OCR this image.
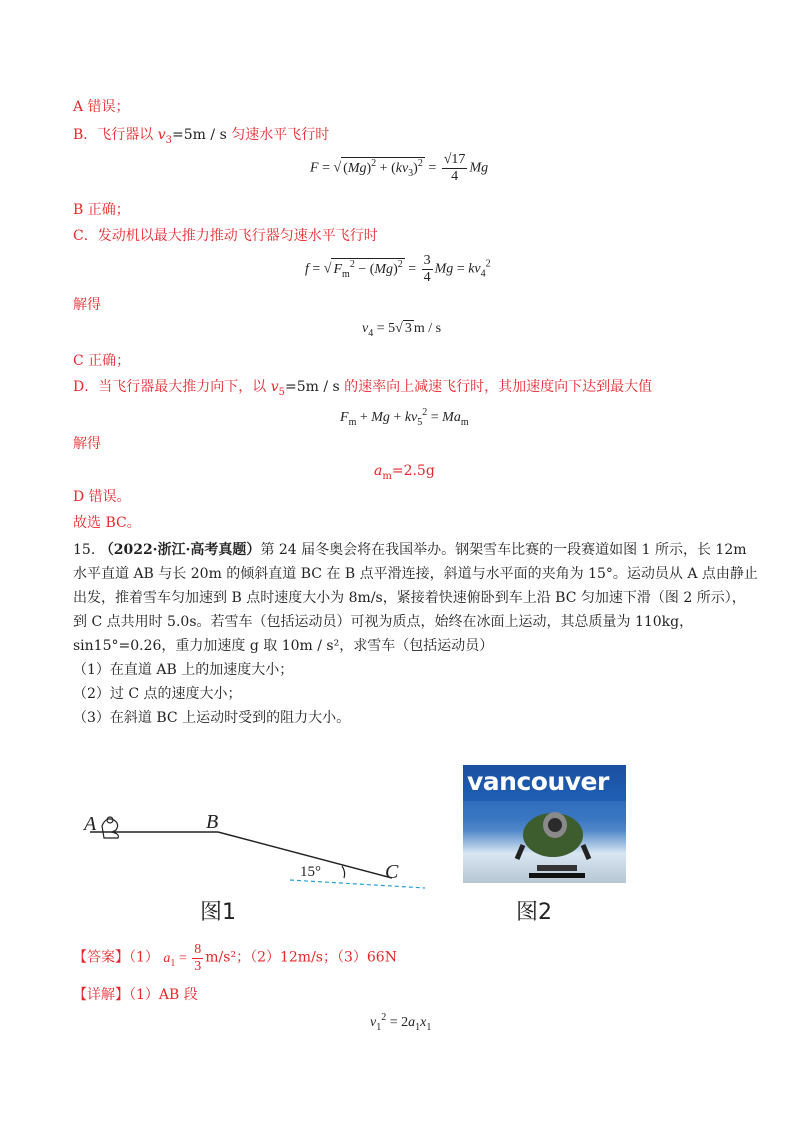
A 错误；
B．飞行器以 $v_3=5m / s$ 匀速水平飞行时
F = √ $(Mg)^2 + (kv_3)^2 = \frac{√17}{4}$ Mg
B 正确；
C．发动机以最大推力推动飞行器匀速水平飞行时
f = √ $F_m^2 - (Mg)^2 = \frac{3}{4}$ $Mg = kv_4^2$
解得
$v_4 = 5√$ 3 m / s
C 正确；
D．当飞行器最大推力向下，以 $v_5=5m / s$ 的速率向上减速飞行时，其加速度向下达到最大值
$F_m + Mg + kv_5^2 = Ma_m$
解得
$a_m=2.5g$
D 错误。
故选 BC。
15. （2022·浙江·高考真题）第 24 届冬奥会将在我国举办。钢架雪车比赛的一段赛道如图 1 所示，长 12m
水平直道 AB 与长 20m 的倾斜直道 BC 在 B 点平滑连接，斜道与水平面的夹角为 15°。运动员从 A 点由静止
出发，推着雪车匀加速到 B 点时速度大小为 8m/s，紧接着快速俯卧到车上沿 BC 匀加速下滑（图 2 所示），
到 C 点共用时 5.0s。若雪车（包括运动员）可视为质点，始终在冰面上运动，其总质量为 110kg，
sin15°=0.26，重力加速度 g 取 10m / s²，求雪车（包括运动员）
（1）在直道 AB 上的加速度大小；
（2）过 C 点的速度大小；
（3）在斜道 BC 上运动时受到的阻力大小。
A	B
C
15°
图1
vancouver
图2
【答案】（1） $a_1 = \frac{8}{3} m/s^2$；（2）12m/s；（3）66N
【详解】（1）AB 段
$v_1^2 = 2a_1x_1$
